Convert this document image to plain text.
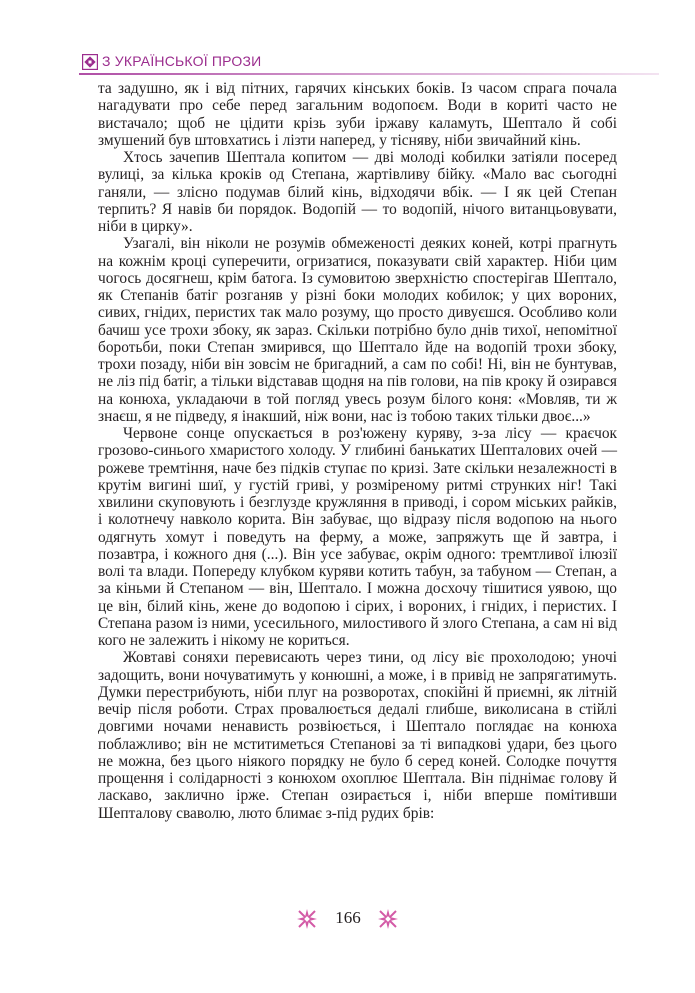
З УКРАЇНСЬКОЇ ПРОЗИ

та задушно, як і від пітних, гарячих кінських боків. Із часом спрага почала нагадувати про себе перед загальним водопоєм. Води в кориті часто не вистачало; щоб не цідити крізь зуби іржаву каламуть, Шептало й собі змушений був штовхатись і лізти наперед, у тісняву, ніби звичайний кінь.

Хтось зачепив Шептала копитом — дві молоді кобилки затіяли посеред вулиці, за кілька кроків од Степана, жартівливу бійку. «Мало вас сьогодні ганяли, — злісно подумав білий кінь, відходячи вбік. — І як цей Степан терпить? Я навів би порядок. Водопій — то водопій, нічого витанцьовувати, ніби в цирку».

Узагалі, він ніколи не розумів обмеженості деяких коней, котрі прагнуть на кожнім кроці суперечити, огризатися, показувати свій характер. Ніби цим чогось досягнеш, крім батога. Із сумовитою зверхністю спостерігав Шептало, як Степанів батіг розганяв у різні боки молодих кобилок; у цих вороних, сивих, гнідих, перистих так мало розуму, що просто дивуєшся. Особливо коли бачиш усе трохи збоку, як зараз. Скільки потрібно було днів тихої, непомітної боротьби, поки Степан змирився, що Шептало йде на водопій трохи збоку, трохи позаду, ніби він зовсім не бригадний, а сам по собі! Ні, він не бунтував, не ліз під батіг, а тільки відставав щодня на пів голови, на пів кроку й озирався на конюха, укладаючи в той погляд увесь розум білого коня: «Мовляв, ти ж знаєш, я не підведу, я інакший, ніж вони, нас із тобою таких тільки двоє...»

Червоне сонце опускається в роз'южену куряву, з-за лісу — краєчок грозово-синього хмаристого холоду. У глибині банькатих Шепталових очей — рожеве тремтіння, наче без підків ступає по кризі. Зате скільки незалежності в крутім вигині шиї, у густій гриві, у розміреному ритмі струнких ніг! Такі хвилини скуповують і безглузде кружляння в приводі, і сором міських райків, і колотнечу навколо корита. Він забуває, що відразу після водопою на нього одягнуть хомут і поведуть на ферму, а може, запряжуть ще й завтра, і позавтра, і кожного дня (...). Він усе забуває, окрім одного: тремтливої ілюзії волі та влади. Попереду клубком куряви котить табун, за табуном — Степан, а за кіньми й Степаном — він, Шептало. І можна досхочу тішитися уявою, що це він, білий кінь, жене до водопою і сірих, і вороних, і гнідих, і перистих. І Степана разом із ними, усесильного, милостивого й злого Степана, а сам ні від кого не залежить і нікому не кориться.

Жовтаві соняхи перевисають через тини, од лісу віє прохолодою; уночі задощить, вони ночуватимуть у конюшні, а може, і в привід не запрягатимуть. Думки перестрибують, ніби плуг на розворотах, спокійні й приємні, як літній вечір після роботи. Страх провалюється дедалі глибше, виколисана в стійлі довгими ночами ненависть розвіюється, і Шептало поглядає на конюха поблажливо; він не мститиметься Степанові за ті випадкові удари, без цього не можна, без цього ніякого порядку не було б серед коней. Солодке почуття прощення і солідарності з конюхом охоплює Шептала. Він піднімає голову й ласкаво, заклично ірже. Степан озирається і, ніби вперше помітивши Шепталову сваволю, люто блимає з-під рудих брів:

166
